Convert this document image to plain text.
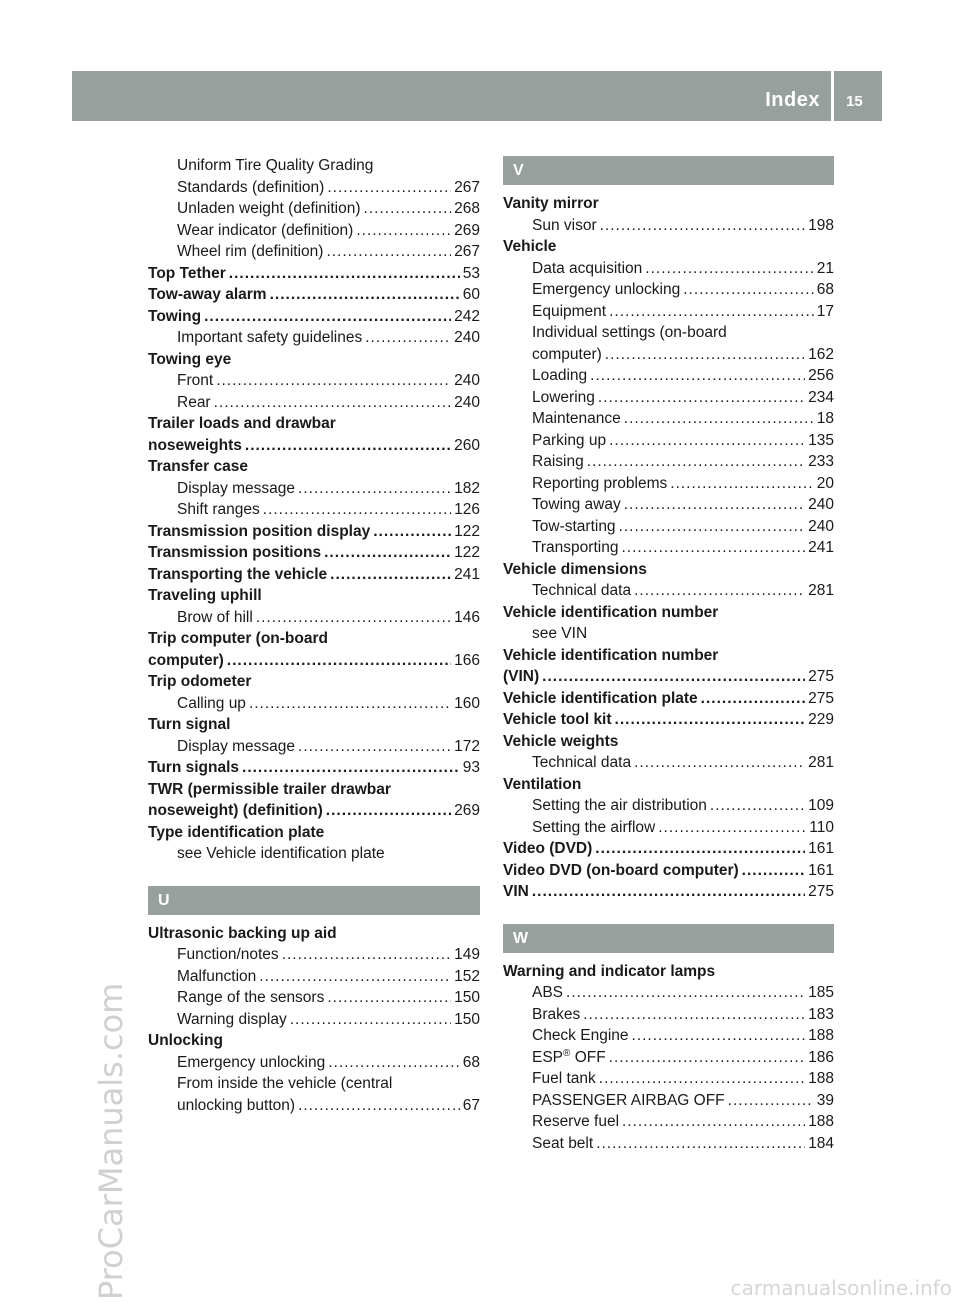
Index 15
ProCarManuals.com	carmanualsonline.info
Uniform Tire Quality Grading
Standards (definition) .....	267
Unladen weight (definition) .....	268
Wear indicator (definition) .....	269
Wheel rim (definition) .....	267
Top Tether .....	53
Tow-away alarm .....	60
Towing .....	242
Important safety guidelines .....	240
Towing eye
Front .....	240
Rear .....	240
Trailer loads and drawbar
noseweights .....	260
Transfer case
Display message .....	182
Shift ranges .....	126
Transmission position display .....	122
Transmission positions .....	122
Transporting the vehicle .....	241
Traveling uphill
Brow of hill .....	146
Trip computer (on-board
computer) .....	166
Trip odometer
Calling up .....	160
Turn signal
Display message .....	172
Turn signals .....	93
TWR (permissible trailer drawbar
noseweight) (definition) .....	269
Type identification plate
see Vehicle identification plate
U
Ultrasonic backing up aid
Function/notes .....	149
Malfunction .....	152
Range of the sensors .....	150
Warning display .....	150
Unlocking
Emergency unlocking .....	68
From inside the vehicle (central
unlocking button) .....	67
V
Vanity mirror
Sun visor .....	198
Vehicle
Data acquisition .....	21
Emergency unlocking .....	68
Equipment .....	17
Individual settings (on-board
computer) .....	162
Loading .....	256
Lowering .....	234
Maintenance .....	18
Parking up .....	135
Raising .....	233
Reporting problems .....	20
Towing away .....	240
Tow-starting .....	240
Transporting .....	241
Vehicle dimensions
Technical data .....	281
Vehicle identification number
see VIN
Vehicle identification number
(VIN) .....	275
Vehicle identification plate .....	275
Vehicle tool kit .....	229
Vehicle weights
Technical data .....	281
Ventilation
Setting the air distribution .....	109
Setting the airflow .....	110
Video (DVD) .....	161
Video DVD (on-board computer) .....	161
VIN .....	275
W
Warning and indicator lamps
ABS .....	185
Brakes .....	183
Check Engine .....	188
ESP® OFF .....	186
Fuel tank .....	188
PASSENGER AIRBAG OFF .....	39
Reserve fuel .....	188
Seat belt .....	184
